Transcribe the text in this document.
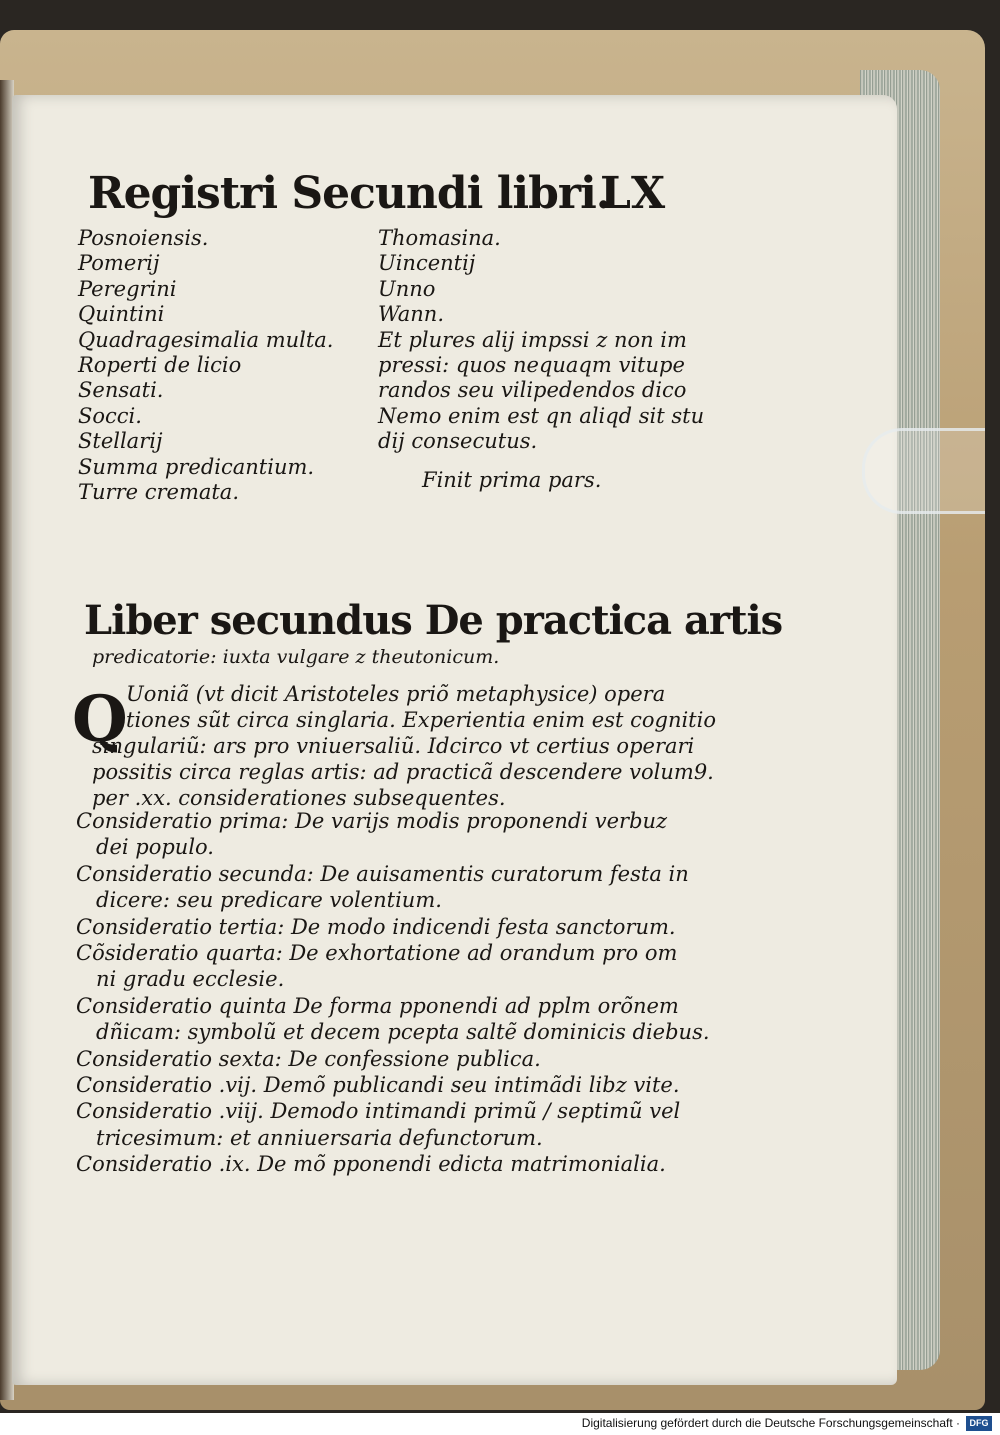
Registri Secundi libri.
LX
Posnoiensis.
Pomerij
Peregrini
Quintini
Quadragesimalia multa.
Roperti de licio
Sensati.
Socci.
Stellarij
Summa predicantium.
Turre cremata.
Thomasina.
Uincentij
Unno
Wann.
Et plures alij impssi z non im
pressi: quos nequaqm vitupe
randos seu vilipedendos dico
Nemo enim est qn aliqd sit stu
dij consecutus.
Finit prima pars.
Liber secundus De practica artis
predicatorie: iuxta vulgare z theutonicum.
Q
Uoniã (vt dicit Aristoteles priõ metaphysice) opera
tiones sũt circa singlaria. Experientia enim est cognitio
singulariũ: ars pro vniuersaliũ. Idcirco vt certius operari
possitis circa reglas artis: ad practicã descendere volum9.
per .xx. considerationes subsequentes.
Consideratio prima: De varijs modis proponendi verbuz
dei populo.
Consideratio secunda: De auisamentis curatorum festa in
dicere: seu predicare volentium.
Consideratio tertia: De modo indicendi festa sanctorum.
Cõsideratio quarta: De exhortatione ad orandum pro om
ni gradu ecclesie.
Consideratio quinta De forma pponendi ad pplm orõnem
dñicam: symbolũ et decem pcepta saltẽ dominicis diebus.
Consideratio sexta: De confessione publica.
Consideratio .vij. Demõ publicandi seu intimãdi libz vite.
Consideratio .viij. Demodo intimandi primũ / septimũ vel
tricesimum: et anniuersaria defunctorum.
Consideratio .ix. De mõ pponendi edicta matrimonialia.
Digitalisierung gefördert durch die Deutsche Forschungsgemeinschaft ·	DFG
